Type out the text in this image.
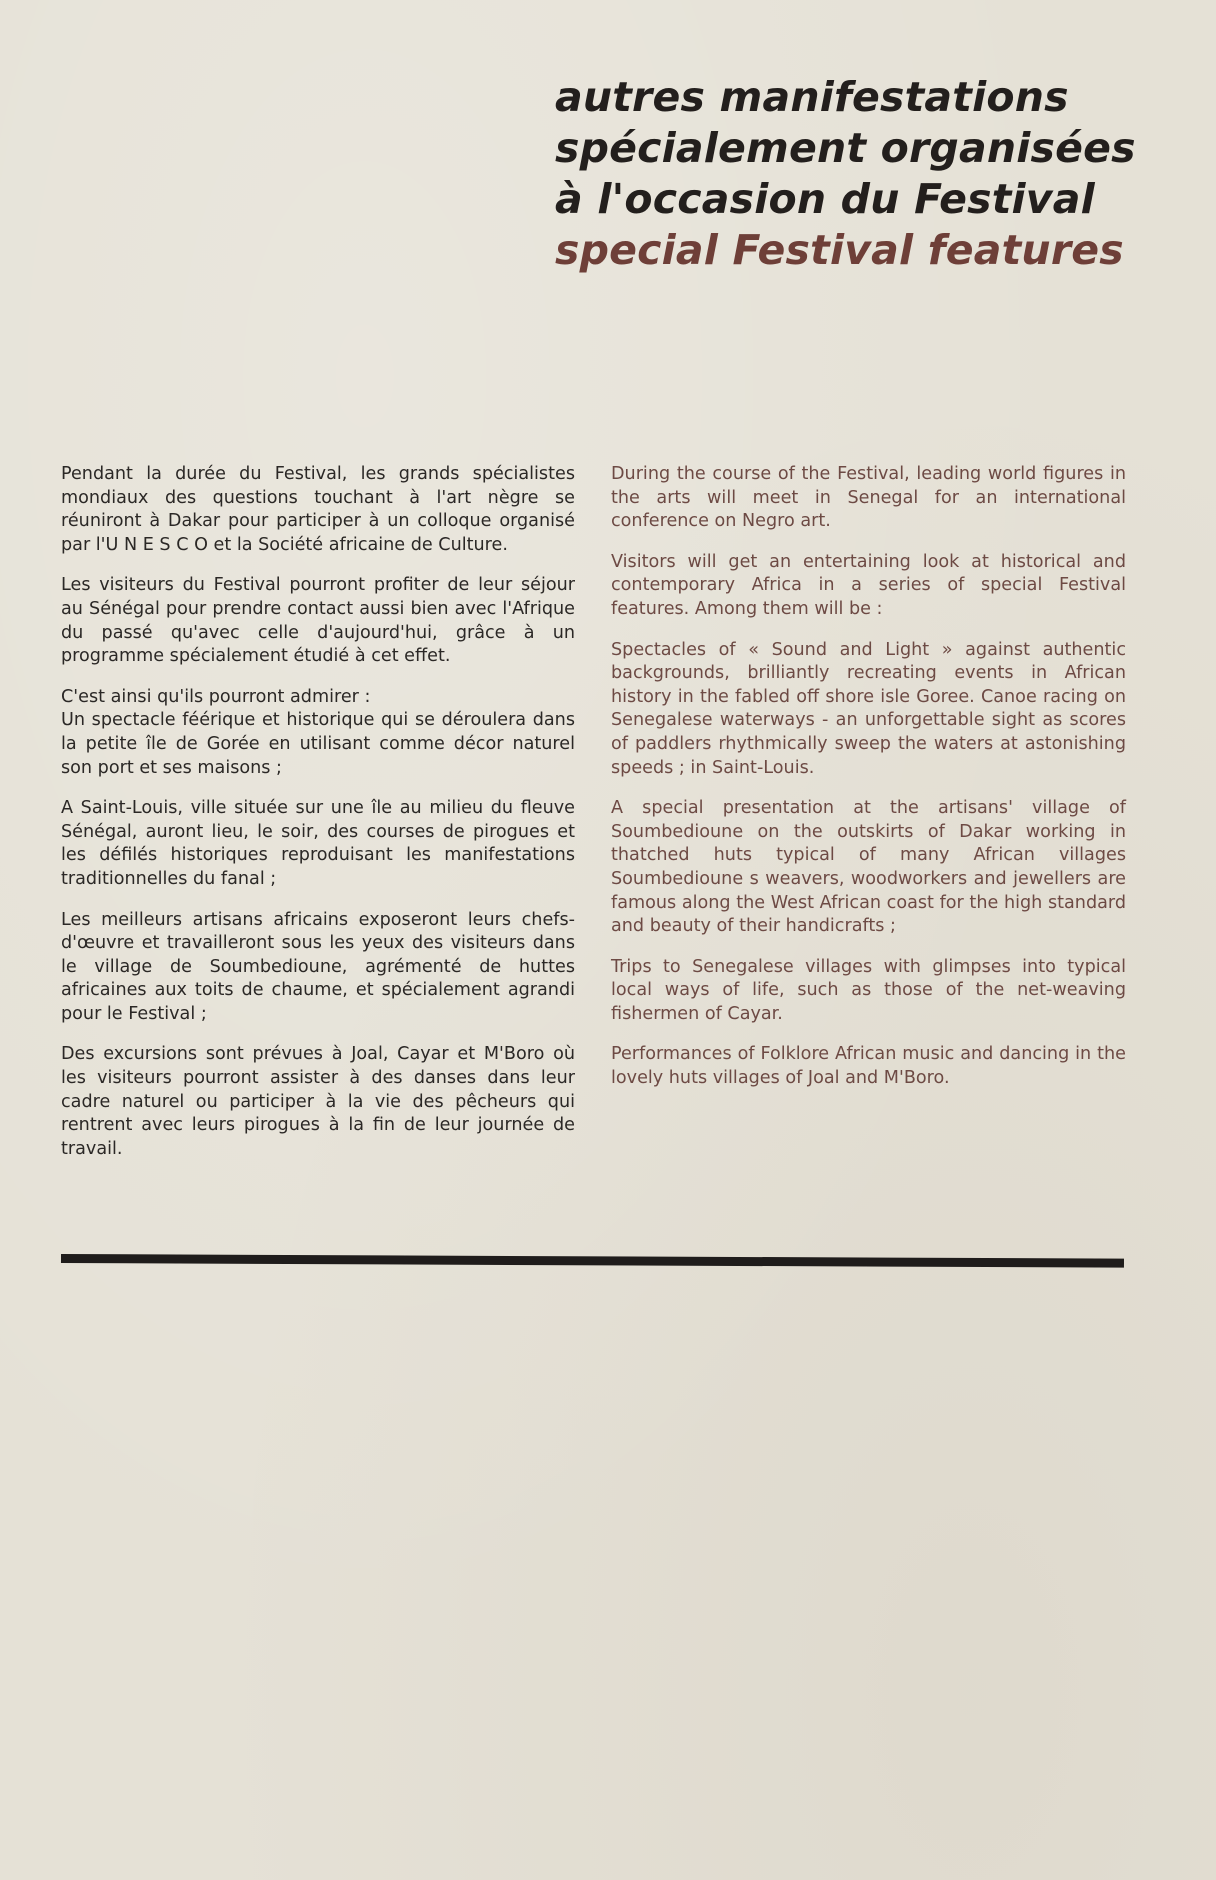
autres manifestations
spécialement organisées
à l'occasion du Festival
special Festival features

Pendant la durée du Festival, les grands spécialistes mondiaux des questions touchant à l'art nègre se réuniront à Dakar pour participer à un colloque organisé par l'U N E S C O et la Société africaine de Culture.

Les visiteurs du Festival pourront profiter de leur séjour au Sénégal pour prendre contact aussi bien avec l'Afrique du passé qu'avec celle d'aujourd'hui, grâce à un programme spécialement étudié à cet effet.

C'est ainsi qu'ils pourront admirer :

Un spectacle féérique et historique qui se déroulera dans la petite île de Gorée en utilisant comme décor naturel son port et ses maisons ;

A Saint-Louis, ville située sur une île au milieu du fleuve Sénégal, auront lieu, le soir, des courses de pirogues et les défilés historiques reproduisant les manifestations traditionnelles du fanal ;

Les meilleurs artisans africains exposeront leurs chefs-d'œuvre et travailleront sous les yeux des visiteurs dans le village de Soumbedioune, agrémenté de huttes africaines aux toits de chaume, et spécialement agrandi pour le Festival ;

Des excursions sont prévues à Joal, Cayar et M'Boro où les visiteurs pourront assister à des danses dans leur cadre naturel ou participer à la vie des pêcheurs qui rentrent avec leurs pirogues à la fin de leur journée de travail.

During the course of the Festival, leading world figures in the arts will meet in Senegal for an international conference on Negro art.

Visitors will get an entertaining look at historical and contemporary Africa in a series of special Festival features. Among them will be :

Spectacles of « Sound and Light » against authentic backgrounds, brilliantly recreating events in African history in the fabled off shore isle Goree. Canoe racing on Senegalese waterways - an unforgettable sight as scores of paddlers rhythmically sweep the waters at astonishing speeds ; in Saint-Louis.

A special presentation at the artisans' village of Soumbedioune on the outskirts of Dakar working in thatched huts typical of many African villages Soumbedioune s weavers, woodworkers and jewellers are famous along the West African coast for the high standard and beauty of their handicrafts ;

Trips to Senegalese villages with glimpses into typical local ways of life, such as those of the net-weaving fishermen of Cayar.

Performances of Folklore African music and dancing in the lovely huts villages of Joal and M'Boro.
